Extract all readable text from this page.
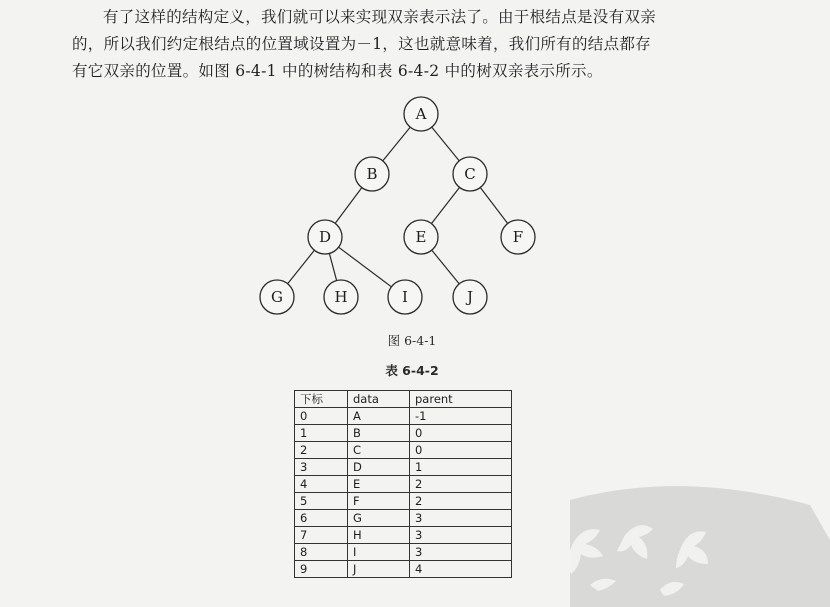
有了这样的结构定义，我们就可以来实现双亲表示法了。由于根结点是没有双亲

的，所以我们约定根结点的位置域设置为－1，这也就意味着，我们所有的结点都存

有它双亲的位置。如图 6-4-1 中的树结构和表 6-4-2 中的树双亲表示所示。

A
B	C
D	E	F
G	H	I	J
图 6-4-1
表 6-4-2
下标	data	parent
0	A	-1
1	B	0
2	C	0
3	D	1
4	E	2
5	F	2
6	G	3
7	H	3
8	I	3
9	J	4
